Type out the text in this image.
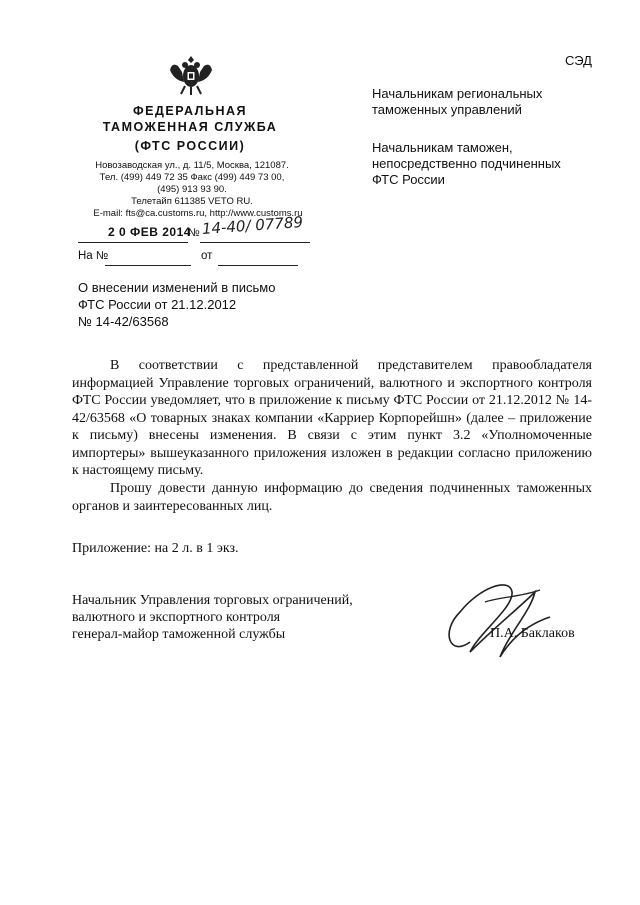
СЭД
ФЕДЕРАЛЬНАЯ
ТАМОЖЕННАЯ СЛУЖБА
(ФТС РОССИИ)
Новозаводская ул., д. 11/5, Москва, 121087.
Тел. (499) 449 72 35 Факс (499) 449 73 00,
(495) 913 93 90.
Телетайп 611385 VETO RU.
E-mail: fts@ca.customs.ru, http://www.customs.ru
2 0 ФЕВ 2014
№ 14-40/ 07789
На №	от
Начальникам региональных
таможенных управлений
Начальникам таможен,
непосредственно подчиненных
ФТС России
О внесении изменений в письмо
ФТС России от 21.12.2012
№ 14-42/63568
В соответствии с представленной представителем правообладателя информацией Управление торговых ограничений, валютного и экспортного контроля ФТС России уведомляет, что в приложение к письму ФТС России от 21.12.2012 № 14-42/63568 «О товарных знаках компании «Карриер Корпорейшн» (далее – приложение к письму) внесены изменения. В связи с этим пункт 3.2 «Уполномоченные импортеры» вышеуказанного приложения изложен в редакции согласно приложению к настоящему письму.
Прошу довести данную информацию до сведения подчиненных таможенных органов и заинтересованных лиц.
Приложение: на 2 л. в 1 экз.
Начальник Управления торговых ограничений,
валютного и экспортного контроля
генерал-майор таможенной службы	П.А. Баклаков
